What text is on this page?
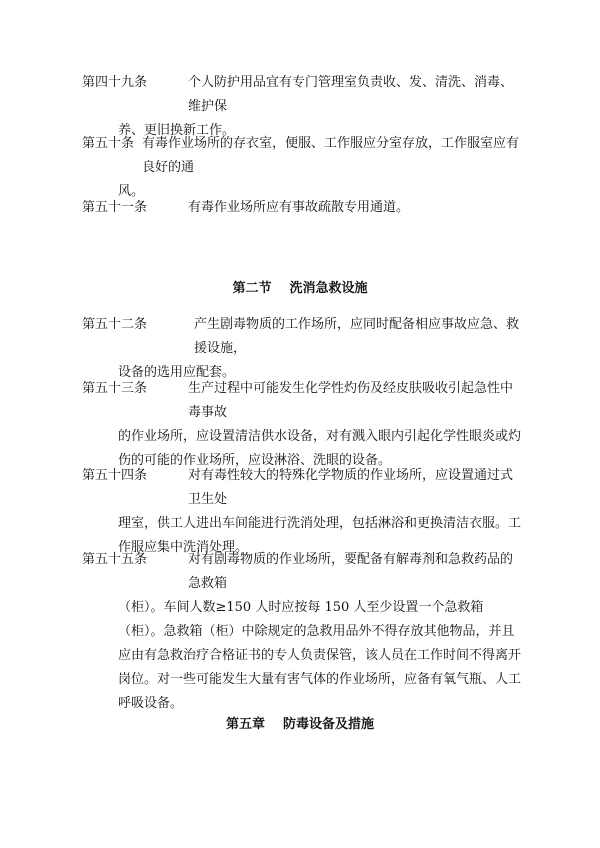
第四十九条	个人防护用品宜有专门管理室负责收、发、清洗、消毒、维护保
养、更旧换新工作。
第五十条 有毒作业场所的存衣室，便服、工作服应分室存放，工作服室应有良好的通
风。
第五十一条	有毒作业场所应有事故疏散专用通道。
第二节    洗消急救设施
第五十二条	产生剧毒物质的工作场所，应同时配备相应事故应急、救援设施，
设备的选用应配套。
第五十三条	生产过程中可能发生化学性灼伤及经皮肤吸收引起急性中毒事故
的作业场所，应设置清洁供水设备，对有溅入眼内引起化学性眼炎或灼伤的可能的作业场所，应设淋浴、洗眼的设备。
第五十四条	对有毒性较大的特殊化学物质的作业场所，应设置通过式卫生处
理室，供工人进出车间能进行洗消处理，包括淋浴和更换清洁衣服。工作服应集中洗消处理。
第五十五条	对有剧毒物质的作业场所，要配备有解毒剂和急救药品的急救箱
（柜）。车间人数≥150 人时应按每 150 人至少设置一个急救箱（柜）。急救箱（柜）中除规定的急救用品外不得存放其他物品，并且应由有急救治疗合格证书的专人负责保管，该人员在工作时间不得离开岗位。对一些可能发生大量有害气体的作业场所，应备有氧气瓶、人工呼吸设备。
第五章    防毒设备及措施
